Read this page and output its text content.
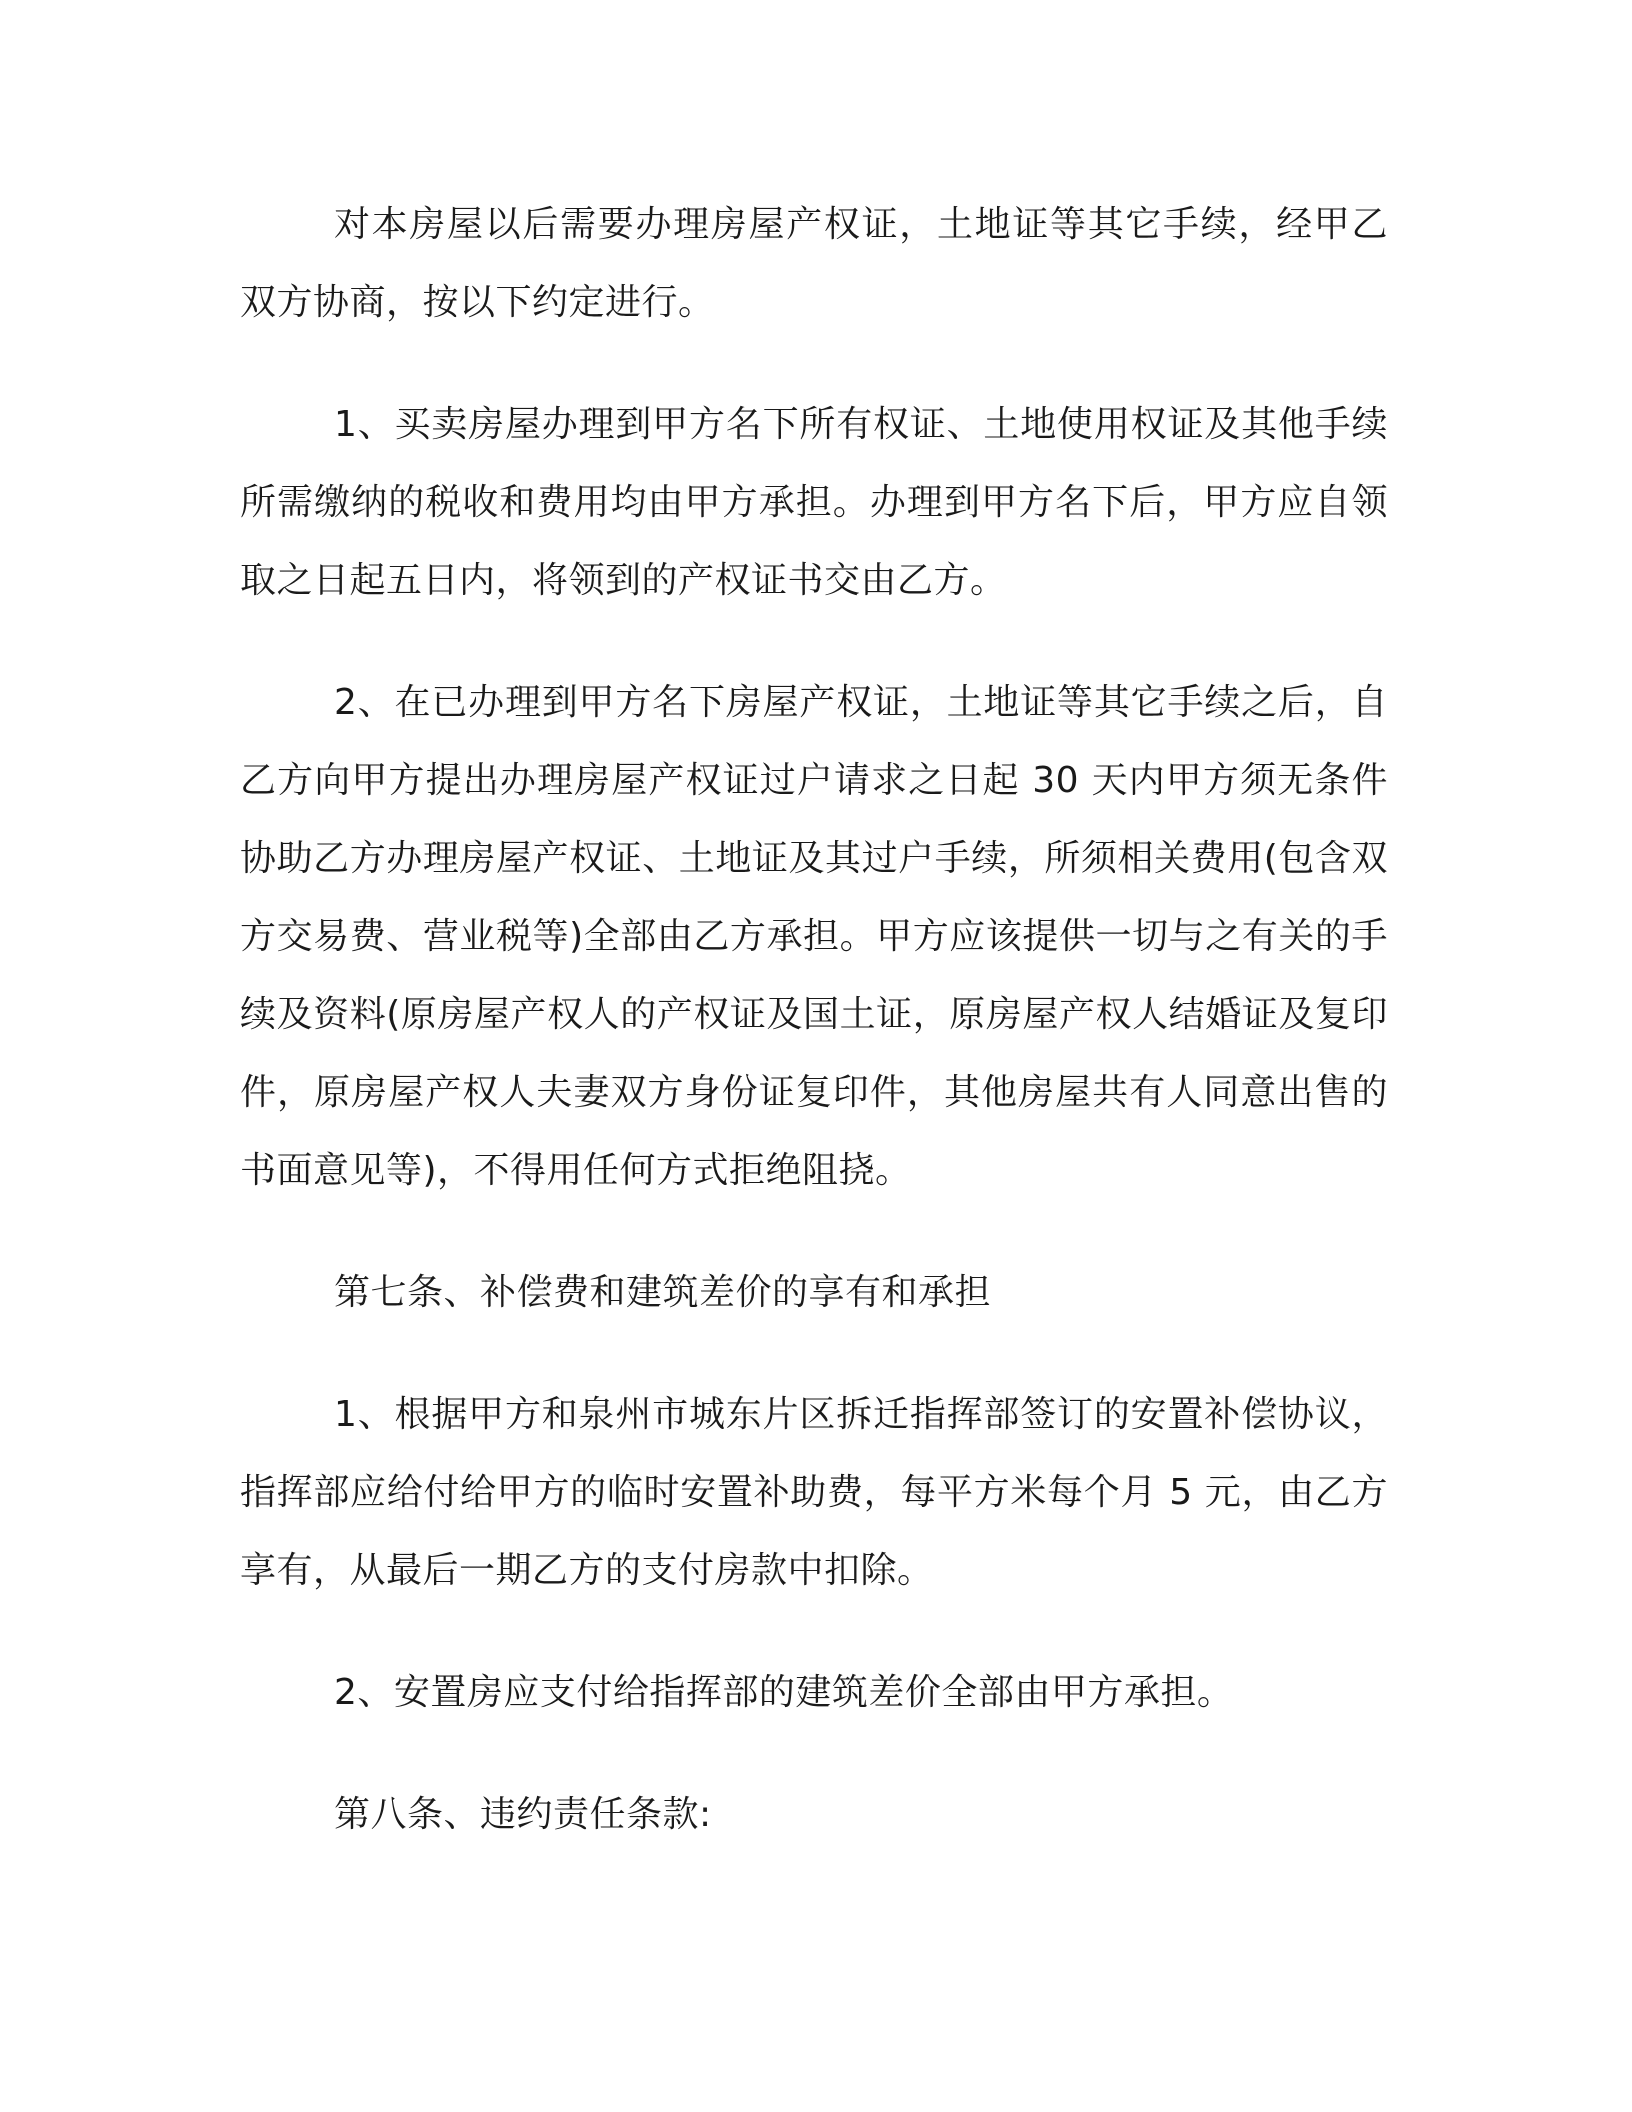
对本房屋以后需要办理房屋产权证，土地证等其它手续，经甲乙双方协商，按以下约定进行。

1、买卖房屋办理到甲方名下所有权证、土地使用权证及其他手续所需缴纳的税收和费用均由甲方承担。办理到甲方名下后，甲方应自领取之日起五日内，将领到的产权证书交由乙方。

2、在已办理到甲方名下房屋产权证，土地证等其它手续之后，自乙方向甲方提出办理房屋产权证过户请求之日起 30 天内甲方须无条件协助乙方办理房屋产权证、土地证及其过户手续，所须相关费用(包含双方交易费、营业税等)全部由乙方承担。甲方应该提供一切与之有关的手续及资料(原房屋产权人的产权证及国土证，原房屋产权人结婚证及复印件，原房屋产权人夫妻双方身份证复印件，其他房屋共有人同意出售的书面意见等)，不得用任何方式拒绝阻挠。

第七条、补偿费和建筑差价的享有和承担

1、根据甲方和泉州市城东片区拆迁指挥部签订的安置补偿协议，指挥部应给付给甲方的临时安置补助费，每平方米每个月 5 元，由乙方享有，从最后一期乙方的支付房款中扣除。

2、安置房应支付给指挥部的建筑差价全部由甲方承担。

第八条、违约责任条款:
